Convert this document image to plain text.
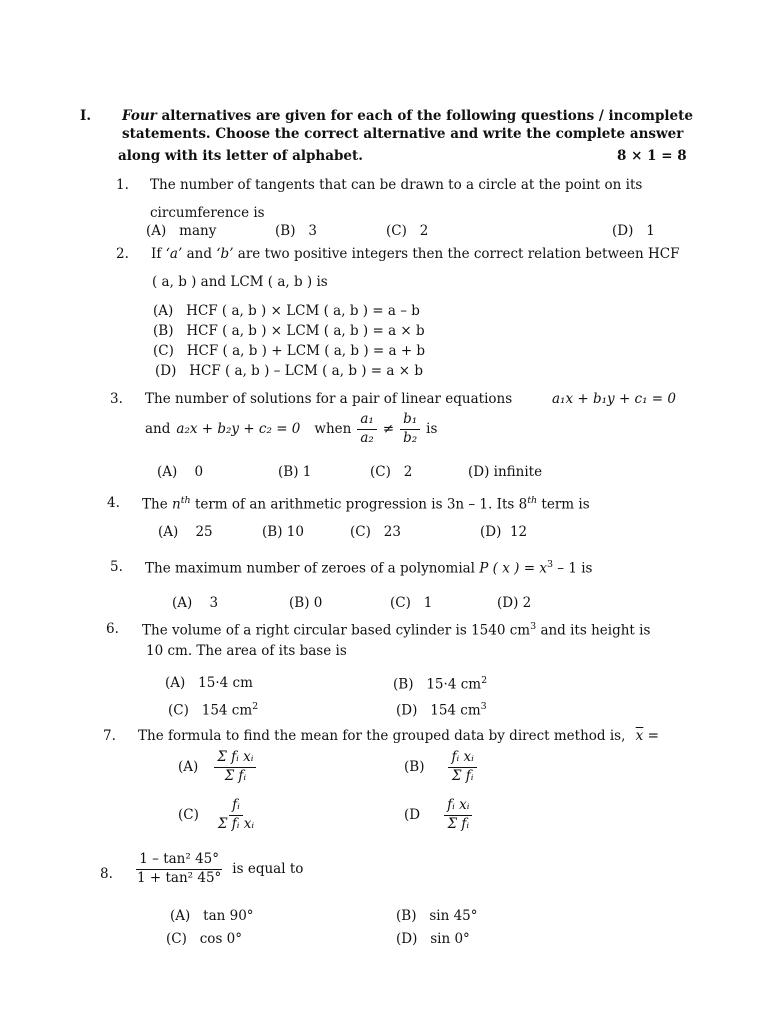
I. Four alternatives are given for each of the following questions / incomplete
statements. Choose the correct alternative and write the complete answer
along with its letter of alphabet.	8 × 1 = 8
1. The number of tangents that can be drawn to a circle at the point on its
circumference is
(A) many	(B) 3	(C) 2	(D) 1
2. If ‘a’ and ‘b’ are two positive integers then the correct relation between HCF
( a, b ) and LCM ( a, b ) is
(A) HCF ( a, b ) × LCM ( a, b ) = a – b
(B) HCF ( a, b ) × LCM ( a, b ) = a × b
(C) HCF ( a, b ) + LCM ( a, b ) = a + b
(D) HCF ( a, b ) – LCM ( a, b ) = a × b
3. The number of solutions for a pair of linear equations	a₁x + b₁y + c₁ = 0
and a₂x + b₂y + c₂ = 0 when $\frac{\text{a₁}}{\text{a₂}} \ne \frac{\text{b₁}}{\text{b₂}}$ is
(A) 0	(B) 1	(C) 2	(D) infinite
4. The $n^{th}$ term of an arithmetic progression is 3n – 1. Its 8th term is
(A) 25	(B) 10	(C) 23	(D) 12
5. The maximum number of zeroes of a polynomial P ( x ) = $x^3 - 1$ is
(A) 3	(B) 0	(C) 1	(D) 2
6. The volume of a right circular based cylinder is 1540 $cm^3$ and its height is
10 cm. The area of its base is
(A) 15·4 cm	(B) 15·4 $cm^2$
(C) 154 $cm^2$	(D) 154 $cm^3$
7. The formula to find the mean for the grouped data by direct method is, $\overline{x}$ =
$(A) \frac{\text{Σ fᵢ xᵢ}}{\text{Σ fᵢ}}$	$(B) \frac{\text{fᵢ xᵢ}}{\text{Σ fᵢ}}$
$(C) \frac{\text{fᵢ}}{\text{Σ fᵢ xᵢ}}$	($D \frac{\text{fᵢ xᵢ}}{\text{Σ fᵢ}}$
8. $\frac{\text{1 – tan² 45°}}{\text{1 + tan² 45°}}$ is equal to
(A) tan 90°	(B) sin 45°
(C) cos 0°	(D) sin 0°
